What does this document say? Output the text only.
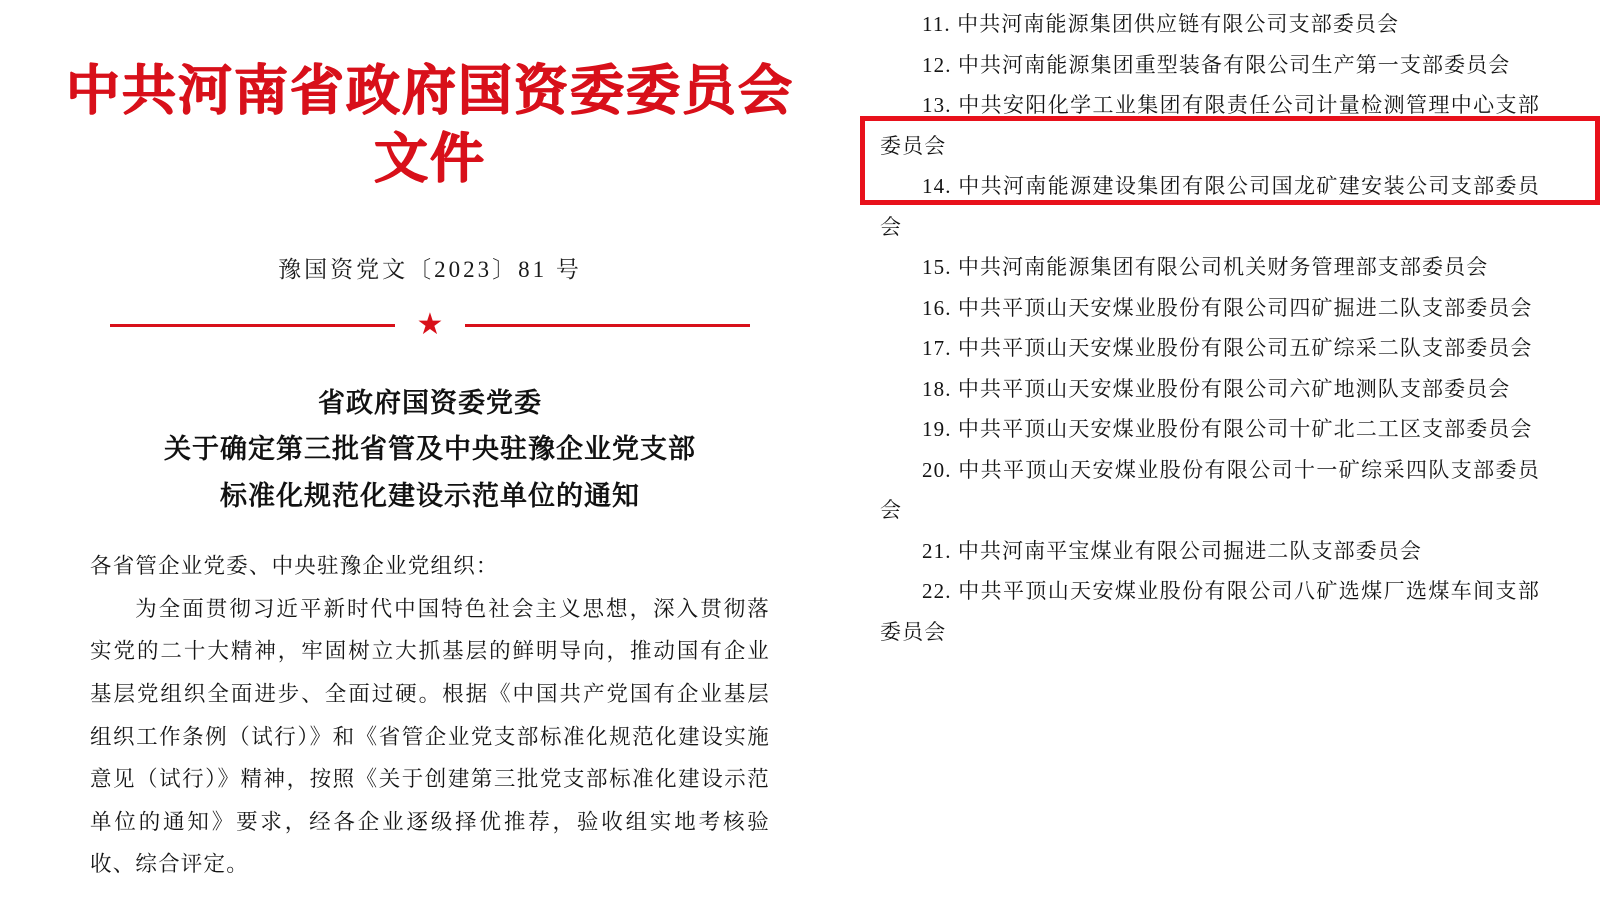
中共河南省政府国资委委员会文件
豫国资党文〔2023〕81 号
★
省政府国资委党委
关于确定第三批省管及中央驻豫企业党支部
标准化规范化建设示范单位的通知

各省管企业党委、中央驻豫企业党组织：

为全面贯彻习近平新时代中国特色社会主义思想，深入贯彻落实党的二十大精神，牢固树立大抓基层的鲜明导向，推动国有企业基层党组织全面进步、全面过硬。根据《中国共产党国有企业基层组织工作条例（试行）》和《省管企业党支部标准化规范化建设实施意见（试行）》精神，按照《关于创建第三批党支部标准化建设示范单位的通知》要求，经各企业逐级择优推荐，验收组实地考核验收、综合评定。

11. 中共河南能源集团供应链有限公司支部委员会

12. 中共河南能源集团重型装备有限公司生产第一支部委员会

13. 中共安阳化学工业集团有限责任公司计量检测管理中心支部委员会

14. 中共河南能源建设集团有限公司国龙矿建安装公司支部委员会

15. 中共河南能源集团有限公司机关财务管理部支部委员会

16. 中共平顶山天安煤业股份有限公司四矿掘进二队支部委员会

17. 中共平顶山天安煤业股份有限公司五矿综采二队支部委员会

18. 中共平顶山天安煤业股份有限公司六矿地测队支部委员会

19. 中共平顶山天安煤业股份有限公司十矿北二工区支部委员会

20. 中共平顶山天安煤业股份有限公司十一矿综采四队支部委员会

21. 中共河南平宝煤业有限公司掘进二队支部委员会

22. 中共平顶山天安煤业股份有限公司八矿选煤厂选煤车间支部委员会
